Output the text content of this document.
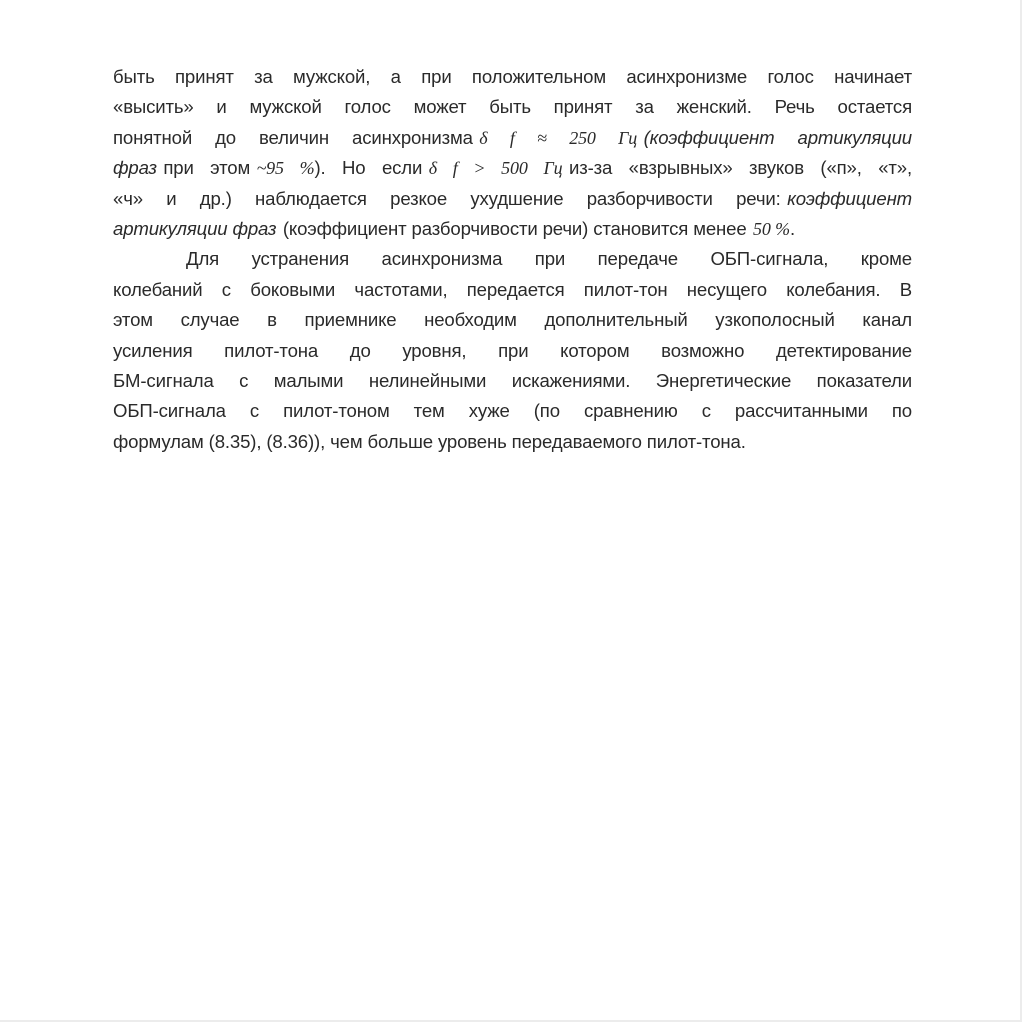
быть принят за мужской, а при положительном асинхронизме голос начинает
«высить» и мужской голос может быть принят за женский. Речь остается
понятной до величин асинхронизма δ f ≈ 250 Гц (коэффициент артикуляции
фраз при этом ~95 %). Но если δ f > 500 Гц из-за «взрывных» звуков («п», «т»,
«ч» и др.) наблюдается резкое ухудшение разборчивости речи: коэффициент
артикуляции фраз (коэффициент разборчивости речи) становится менее 50 %.
Для устранения асинхронизма при передаче ОБП-сигнала, кроме
колебаний с боковыми частотами, передается пилот-тон несущего колебания. В
этом случае в приемнике необходим дополнительный узкополосный канал
усиления пилот-тона до уровня, при котором возможно детектирование
БМ-сигнала с малыми нелинейными искажениями. Энергетические показатели
ОБП-сигнала с пилот-тоном тем хуже (по сравнению с рассчитанными по
формулам (8.35), (8.36)), чем больше уровень передаваемого пилот-тона.
